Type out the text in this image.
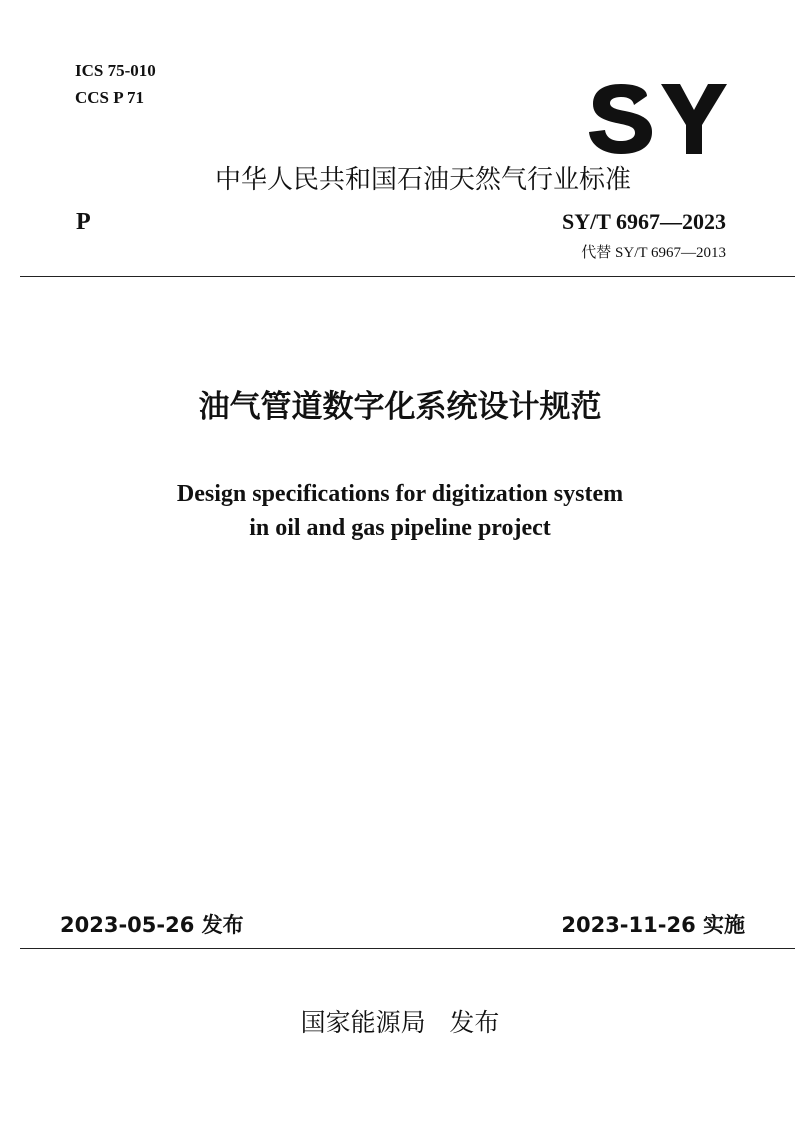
ICS 75-010
CCS P 71
中华人民共和国石油天然气行业标准
P	SY/T 6967—2023
代替 SY/T 6967—2013
油气管道数字化系统设计规范
Design specifications for digitization system
in oil and gas pipeline project
2023-05-26 发布	2023-11-26 实施
国家能源局   发布
